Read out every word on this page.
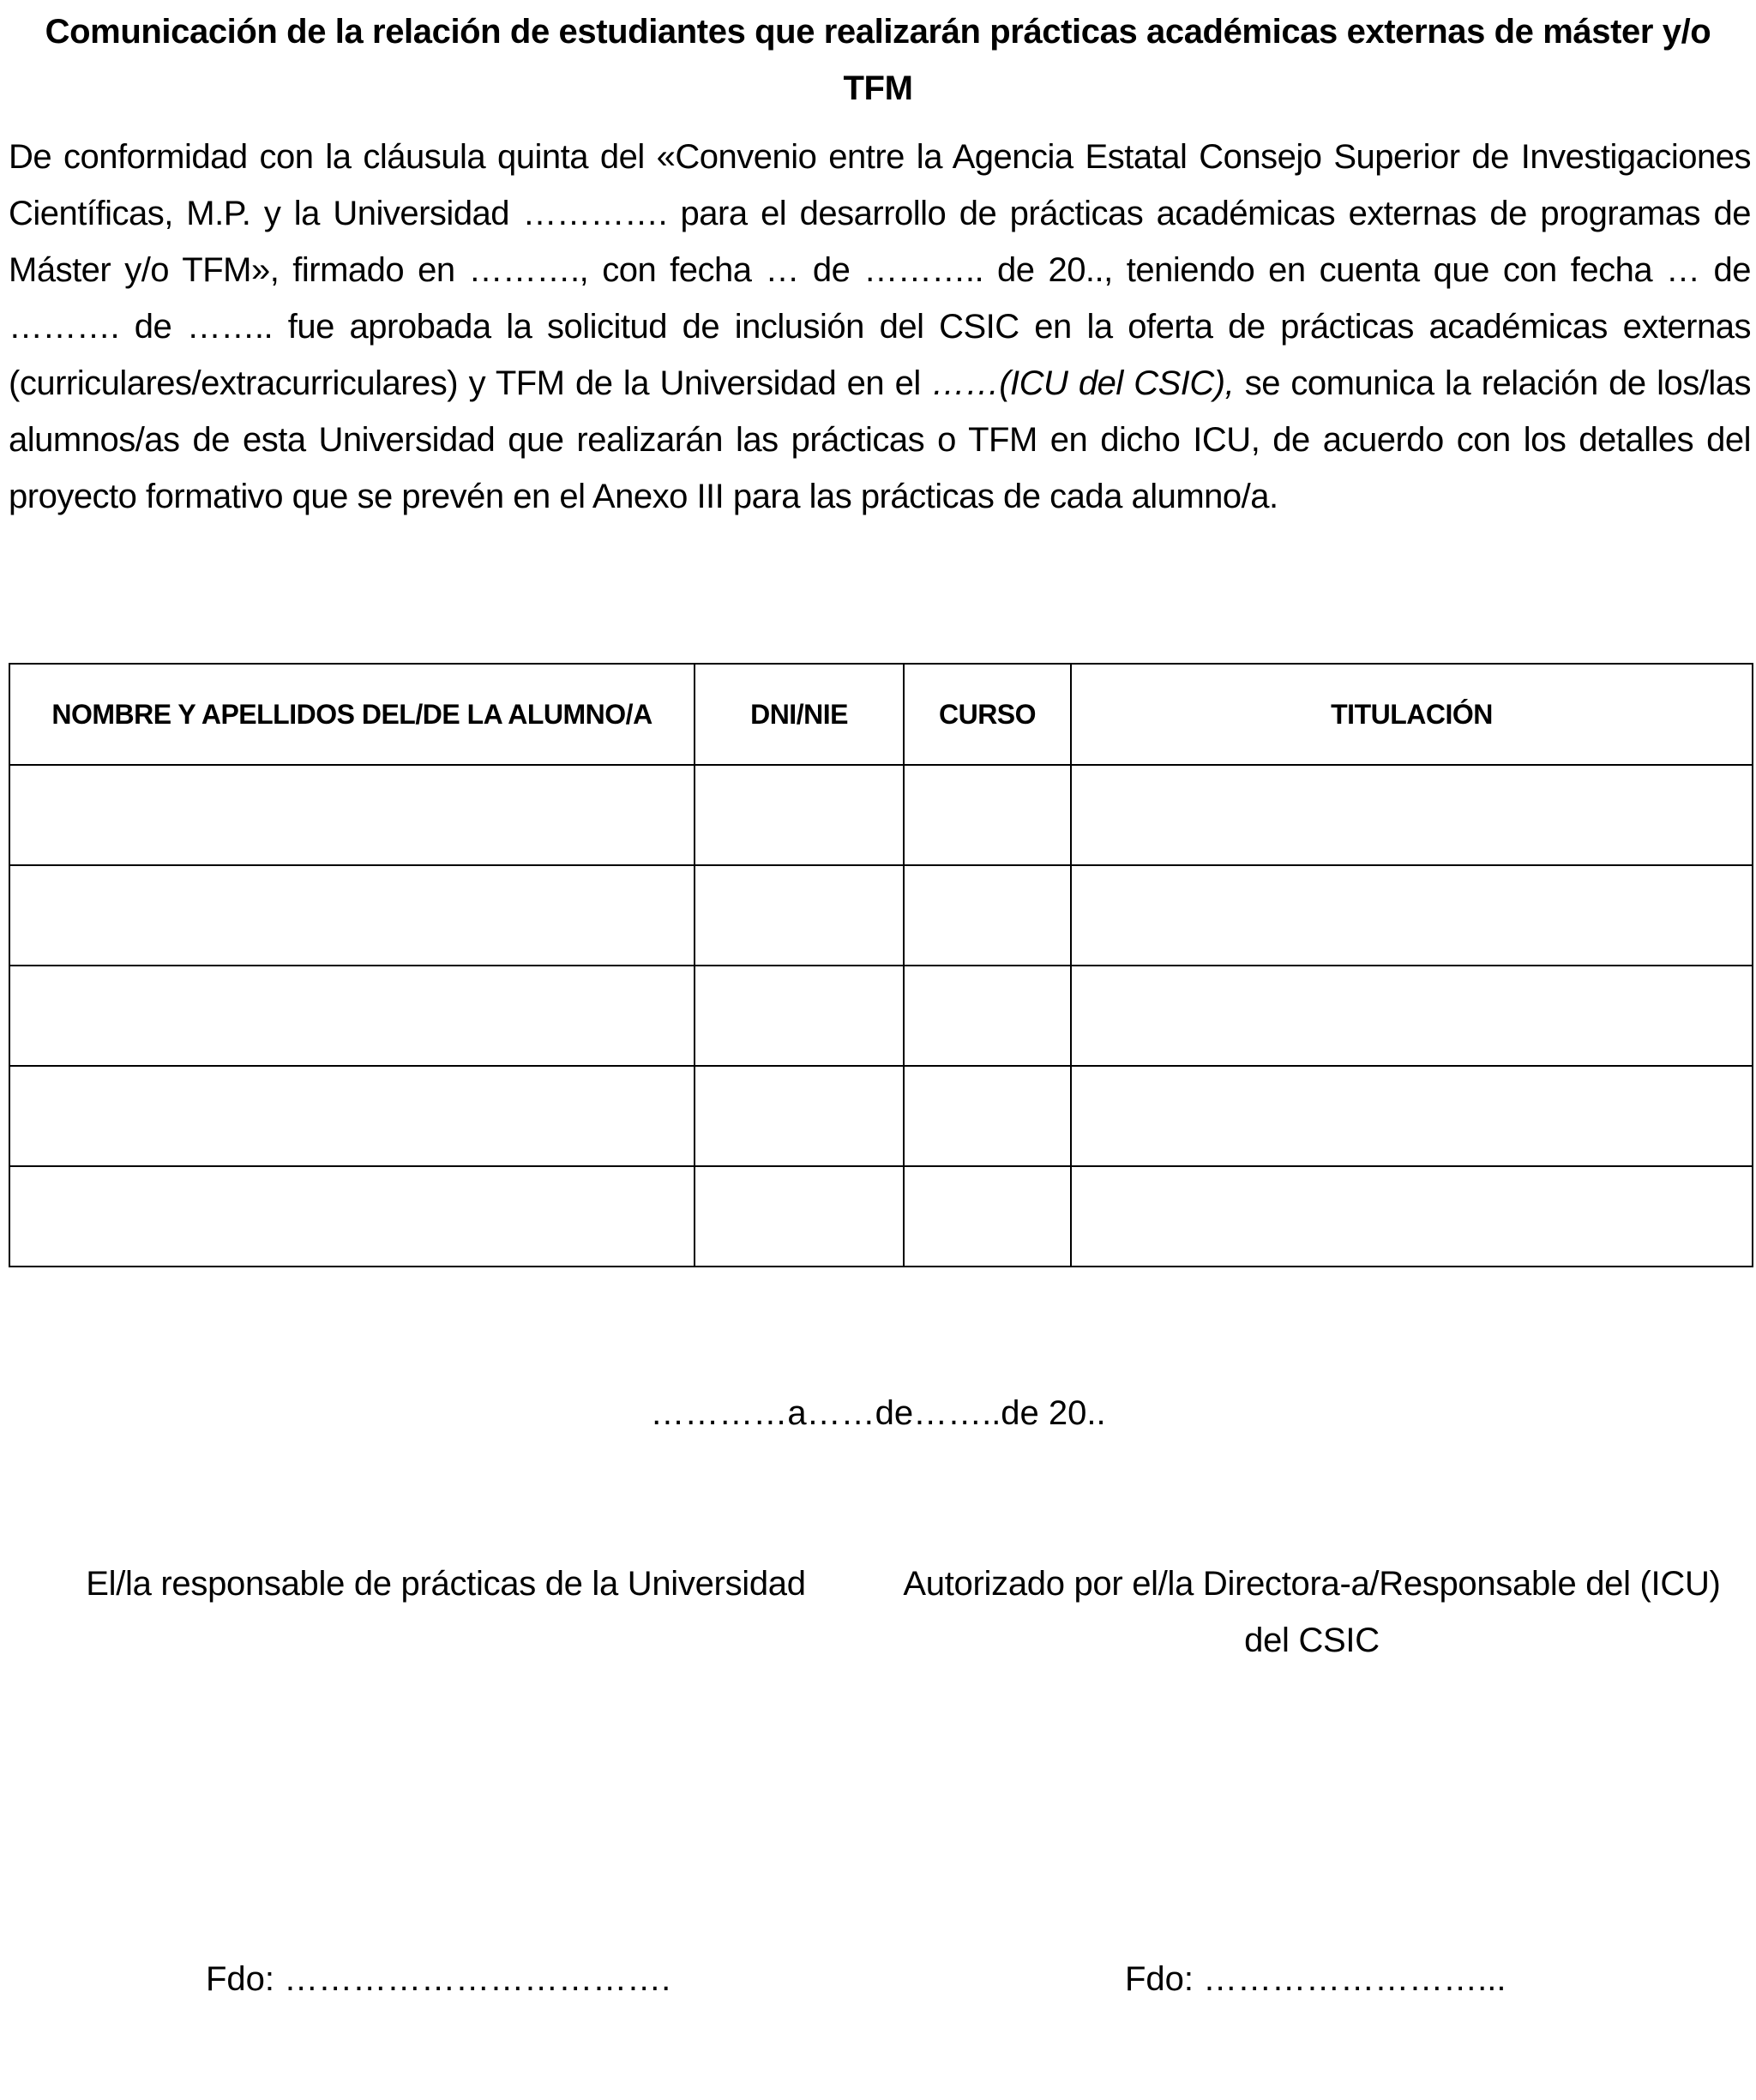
Comunicación de la relación de estudiantes que realizarán prácticas académicas externas de máster y/o TFM

De conformidad con la cláusula quinta del «Convenio entre la Agencia Estatal Consejo Superior de Investigaciones Científicas, M.P. y la Universidad …………. para el desarrollo de prácticas académicas externas de programas de Máster y/o TFM», firmado en ………., con fecha … de ……….. de 20.., teniendo en cuenta que con fecha … de ………. de …….. fue aprobada la solicitud de inclusión del CSIC en la oferta de prácticas académicas externas (curriculares/extracurriculares) y TFM de la Universidad en el ……(ICU del CSIC), se comunica la relación de los/las alumnos/as de esta Universidad que realizarán las prácticas o TFM en dicho ICU, de acuerdo con los detalles del proyecto formativo que se prevén en el Anexo III para las prácticas de cada alumno/a.

NOMBRE Y APELLIDOS DEL/DE LA ALUMNO/A	DNI/NIE	CURSO	TITULACIÓN

…………a……de……..de 20..
El/la responsable de prácticas de la Universidad	Autorizado por el/la Directora-a/Responsable del (ICU) del CSIC
Fdo: …………………………….	Fdo: ……………………...
